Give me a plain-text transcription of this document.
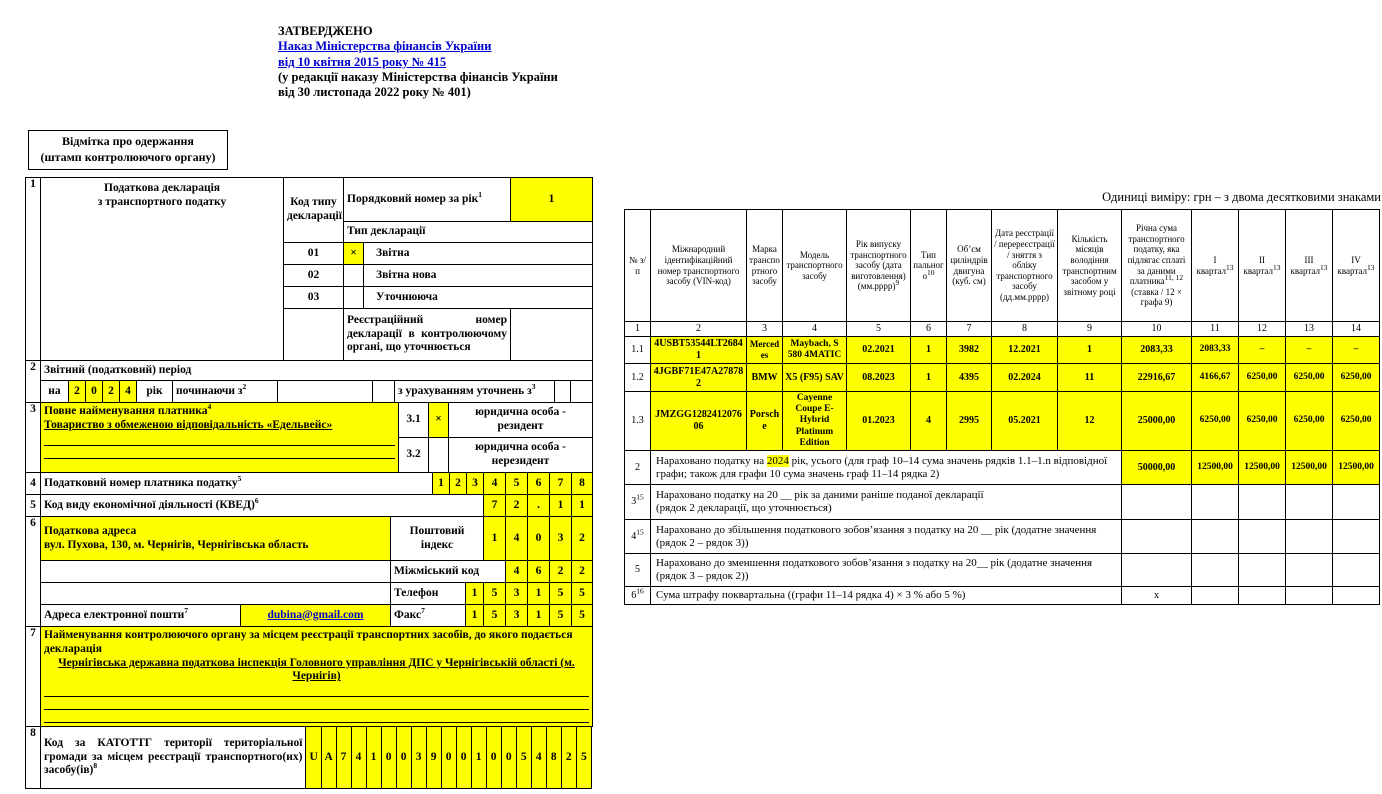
ЗАТВЕРДЖЕНО
Наказ Міністерства фінансів України
від 10 квітня 2015 року № 415
(у редакції наказу Міністерства фінансів України
від 30 листопада 2022 року № 401)
Відмітка про одержання
(штамп контролюючого органу)
1	Податкова декларація
з транспортного податку	Код типу декларації	Порядковий номер за рік$^1$		1
			Тип декларації		
		01	×	Звітна	
		02		Звітна нова	
		03		Уточнююча	
			Реєстраційний номер декларації в контролюючому органі, що уточнюється		
2	Звітний (податковий) період											
	на	2	0	2	4	рік	починаючи $з^2$			з урахуванням уточнень $з^3$		
3	Повне найменування платника$^4$
Товариство з обмеженою відповідальність «Едельвейс»	3.1	×	юридична особа - резидент
		3.2		юридична особа - нерезидент
4	Податковий номер платника податку$^5$	1	2	3	4	5	6	7	8
5	Код виду економічної діяльності (КВЕД)$^6$				7	2	.	1	1
6	Податкова адреса
вул. Пухова, 130, м. Чернігів, Чернігівська область		Поштовий індекс		1	4	0	3	2
			Міжміський код			4	6	2	2
			Телефон	1	5	3	1	5	5
	Адреса електронної пошти$^7$	dubina@gmail.com	Факс$^7$	1	5	3	1	5	5
7	Найменування контролюючого органу за місцем реєстрації транспортних засобів, до якого подається декларація
Чернігівська державна податкова інспекція Головного управління ДПС у Чернігівській області (м. Чернігів)
8	Код за КАТОТТГ території територіальної громади за місцем реєстрації транспортного(их) засобу(ів)$^8$	U	A	7	4	1	0	0	3	9	0	0	1	0	0	5	4	8	2	5
Одиниці виміру: грн – з двома десятковими знаками
№ з/п	Міжнародний ідентифікаційний номер транспортного засобу (VIN-код)	Марка транспортного засобу	Модель транспортного засобу	Рік випуску транспортного засобу (дата виготовлення) (мм.рррр)$^9$	Тип пального$^{10}$	Об’єм циліндрів двигуна (куб. см)	Дата реєстрації / перереєстрації / зняття з обліку транспортного засобу (дд.мм.рррр)	Кількість місяців володіння транспортним засобом у звітному році	Річна сума транспортного податку, яка підлягає сплаті за даними платника$^{11, 12}$ (ставка / 12 × графа 9)	I квартал$^{13}$	II квартал$^{13}$	III квартал$^{13}$	IV квартал$^{13}$
1	2	3	4	5	6	7	8	9	10	11	12	13	14
1.1	4USBT53544LT26841	Mercedes	Maybach, S 580 4MATIC	02.2021	1	3982	12.2021	1	2083,33	2083,33	–	–	–
1.2	4JGBF71E47A278782	BMW	X5 (F95) SAV	08.2023	1	4395	02.2024	11	22916,67	4166,67	6250,00	6250,00	6250,00
1.3	JMZGG128241207606	Porsche	Cayenne Coupe E-Hybrid Platinum Edition	01.2023	4	2995	05.2021	12	25000,00	6250,00	6250,00	6250,00	6250,00
2	Нараховано податку на 2024 рік, усього (для граф 10–14 сума значень рядків 1.1–1.n відповідної графи; також для графи 10 сума значень граф 11–14 рядка 2)								50000,00	12500,00	12500,00	12500,00	12500,00
$3^{15}$	Нараховано податку на 20 __ рік за даними раніше поданої декларації
(рядок 2 декларації, що уточнюється)												

$4^{15}$	Нараховано до збільшення податкового зобов’язання з податку на 20 __ рік (додатне значення (рядок 2 – рядок 3))												
5	Нараховано до зменшення податкового зобов’язання з податку на 20__ рік (додатне значення (рядок 3 – рядок 2))												
$6^{16}$	Сума штрафу поквартальна ((графи 11–14 рядка 4) × 3 % або 5 %)								x				
